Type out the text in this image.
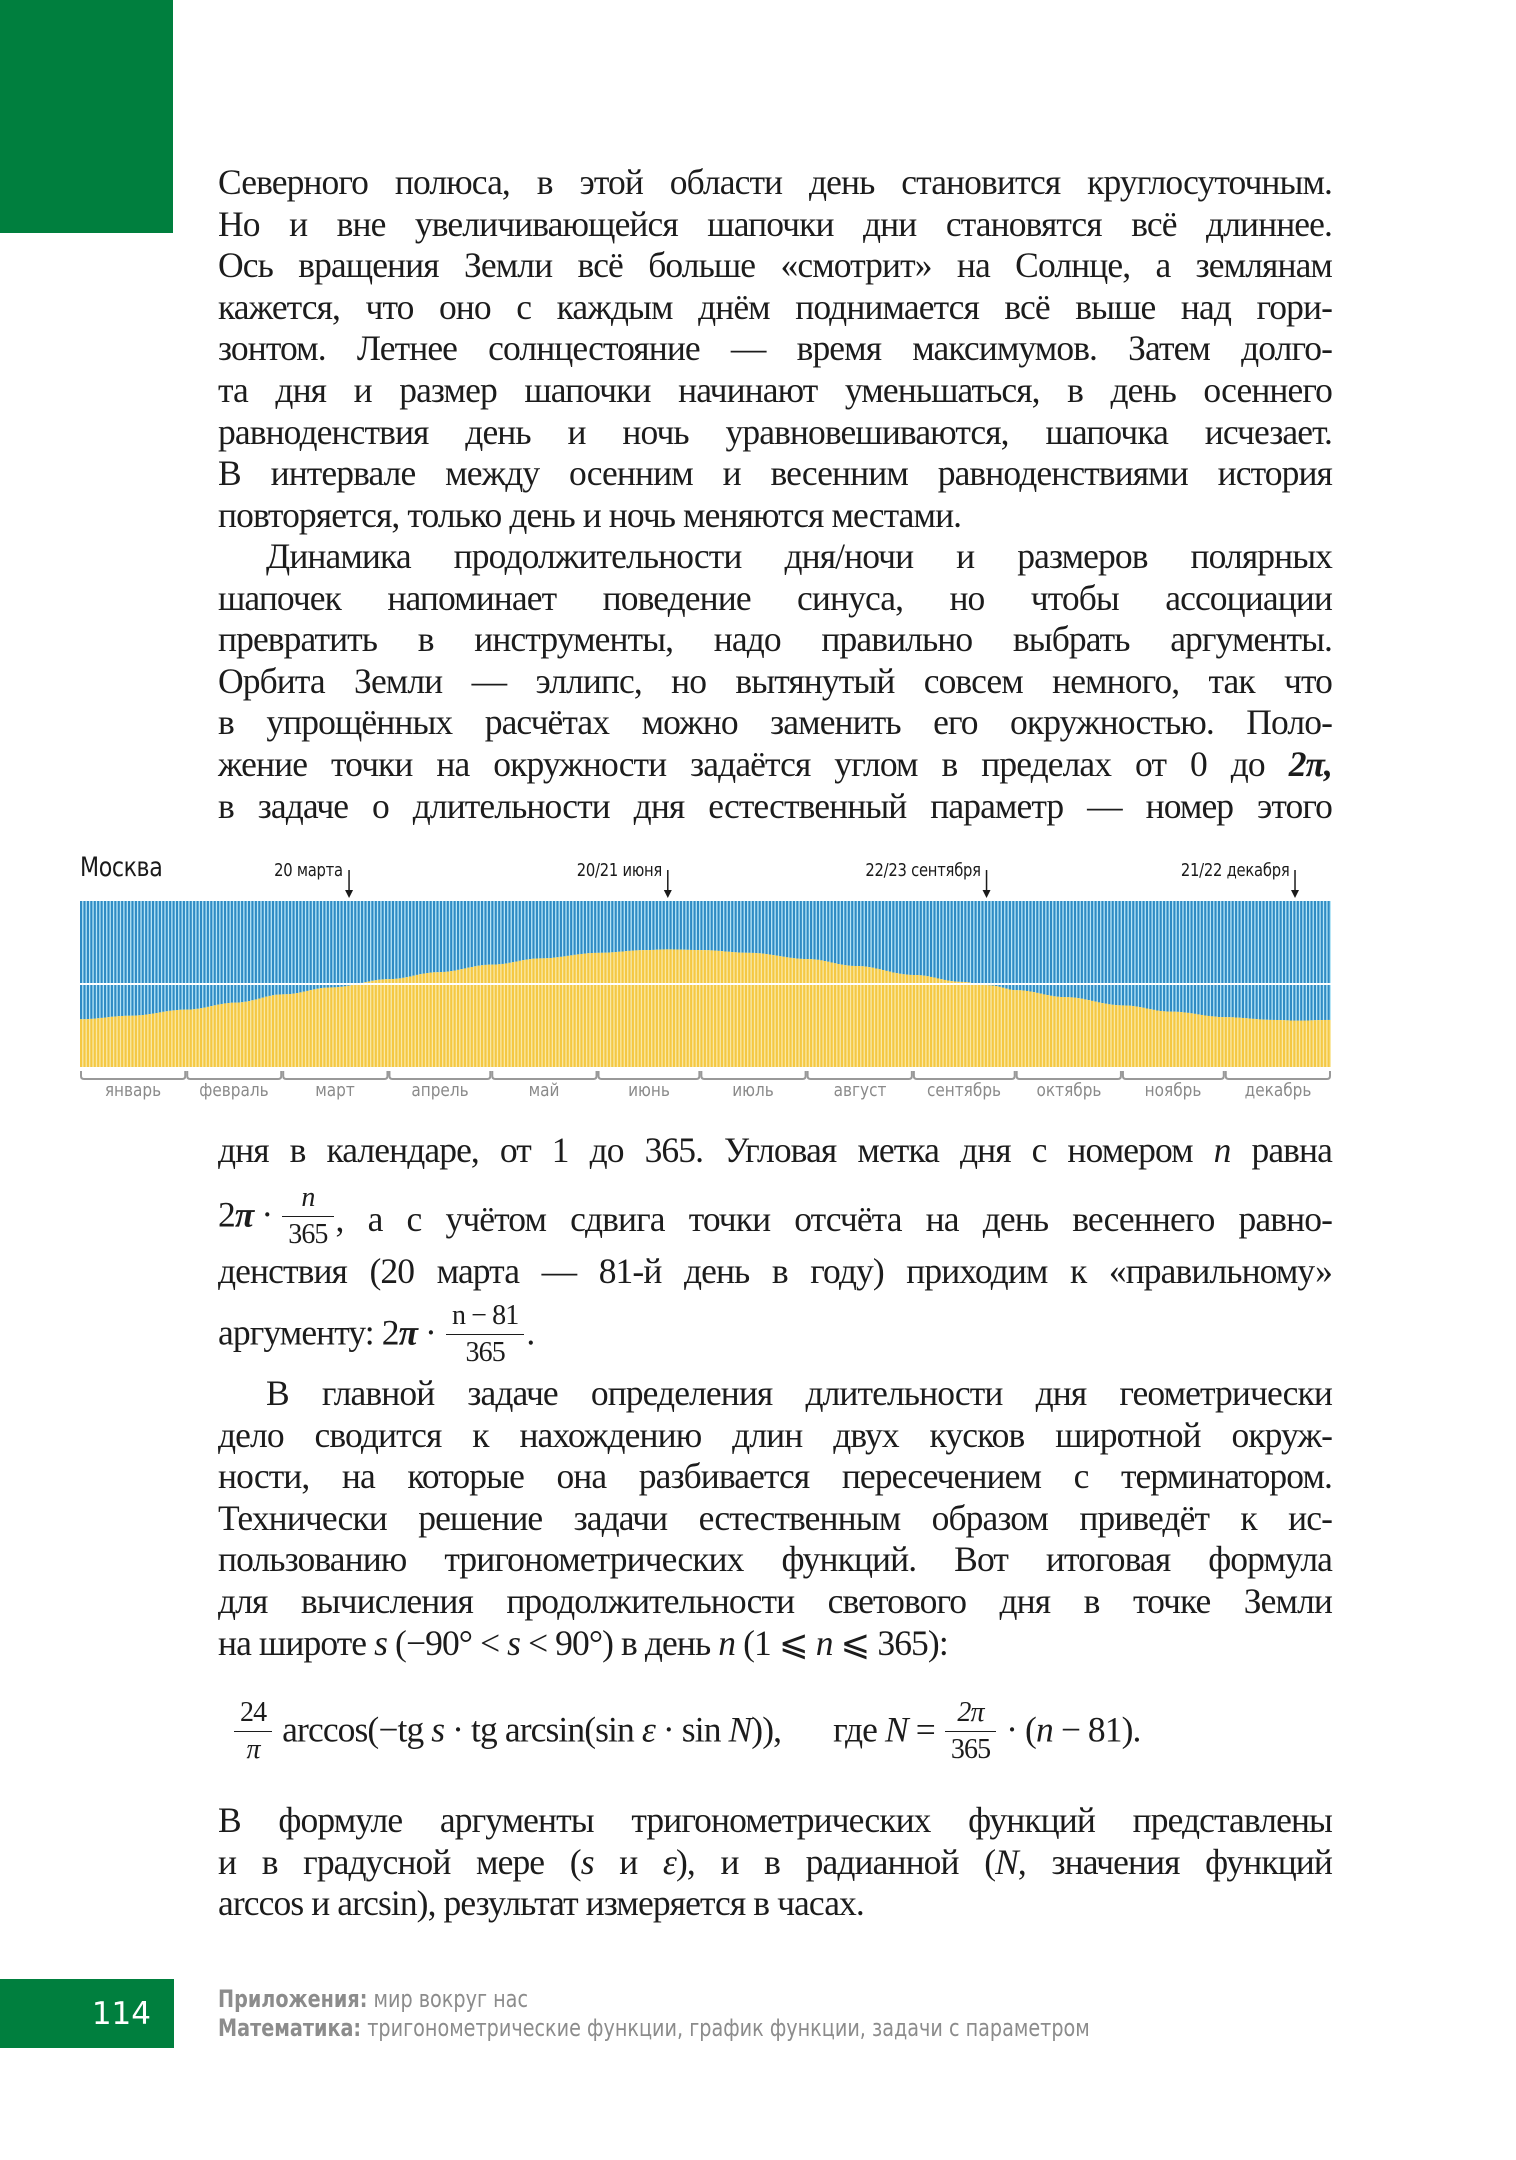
Северного полюса, в этой области день становится круглосуточным.
Но и вне увеличивающейся шапочки дни становятся всё длиннее.
Ось вращения Земли всё больше «смотрит» на Солнце, а землянам
кажется, что оно с каждым днём поднимается всё выше над гори-
зонтом. Летнее солнцестояние — время максимумов. Затем долго-
та дня и размер шапочки начинают уменьшаться, в день осеннего
равноденствия день и ночь уравновешиваются, шапочка исчезает.
В интервале между осенним и весенним равноденствиями история
повторяется, только день и ночь меняются местами.
Динамика продолжительности дня/ночи и размеров полярных
шапочек напоминает поведение синуса, но чтобы ассоциации
превратить в инструменты, надо правильно выбрать аргументы.
Орбита Земли — эллипс, но вытянутый совсем немного, так что
в упрощённых расчётах можно заменить его окружностью. Поло-
жение точки на окружности задаётся углом в пределах от 0 до 2π,
в задаче о длительности дня естественный параметр — номер этого
Москва	20 марта	20/21 июня	22/23 сентября	21/22 декабря
январь февраль	март	апрель	май	июнь	июль	август сентябрь октябрь ноябрь декабрь
дня в календаре, от 1 до 365. Угловая метка дня с номером n равна
$2\pi \cdot \frac{n}{365}$ , а с учётом сдвига точки отсчёта на день весеннего равно-
денствия (20 марта — 81-й день в году) приходим к «правильному»
аргументу: $2\pi \cdot \frac{n - 81}{365}$ .
В главной задаче определения длительности дня геометрически
дело сводится к нахождению длин двух кусков широтной окруж-
ности, на которые она разбивается пересечением с терминатором.
Технически решение задачи естественным образом приведёт к ис-
пользованию тригонометрических функций. Вот итоговая формула
для вычисления продолжительности светового дня в точке Земли
на широте s (−90° < s < 90°) в день n (1 ⩽ n ⩽ 365):
$\frac{24}{\pi} \arccos(-tg$ s · tg arcsin(sin ε · sin N)), где $N = \frac{2\pi}{365} \cdot (n - 81)$.
В формуле аргументы тригонометрических функций представлены
и в градусной мере (s и ε), и в радианной (N, значения функций
arccos и arcsin), результат измеряется в часах.
114	Приложения: мир вокруг нас
Математика: тригонометрические функции, график функции, задачи с параметром
